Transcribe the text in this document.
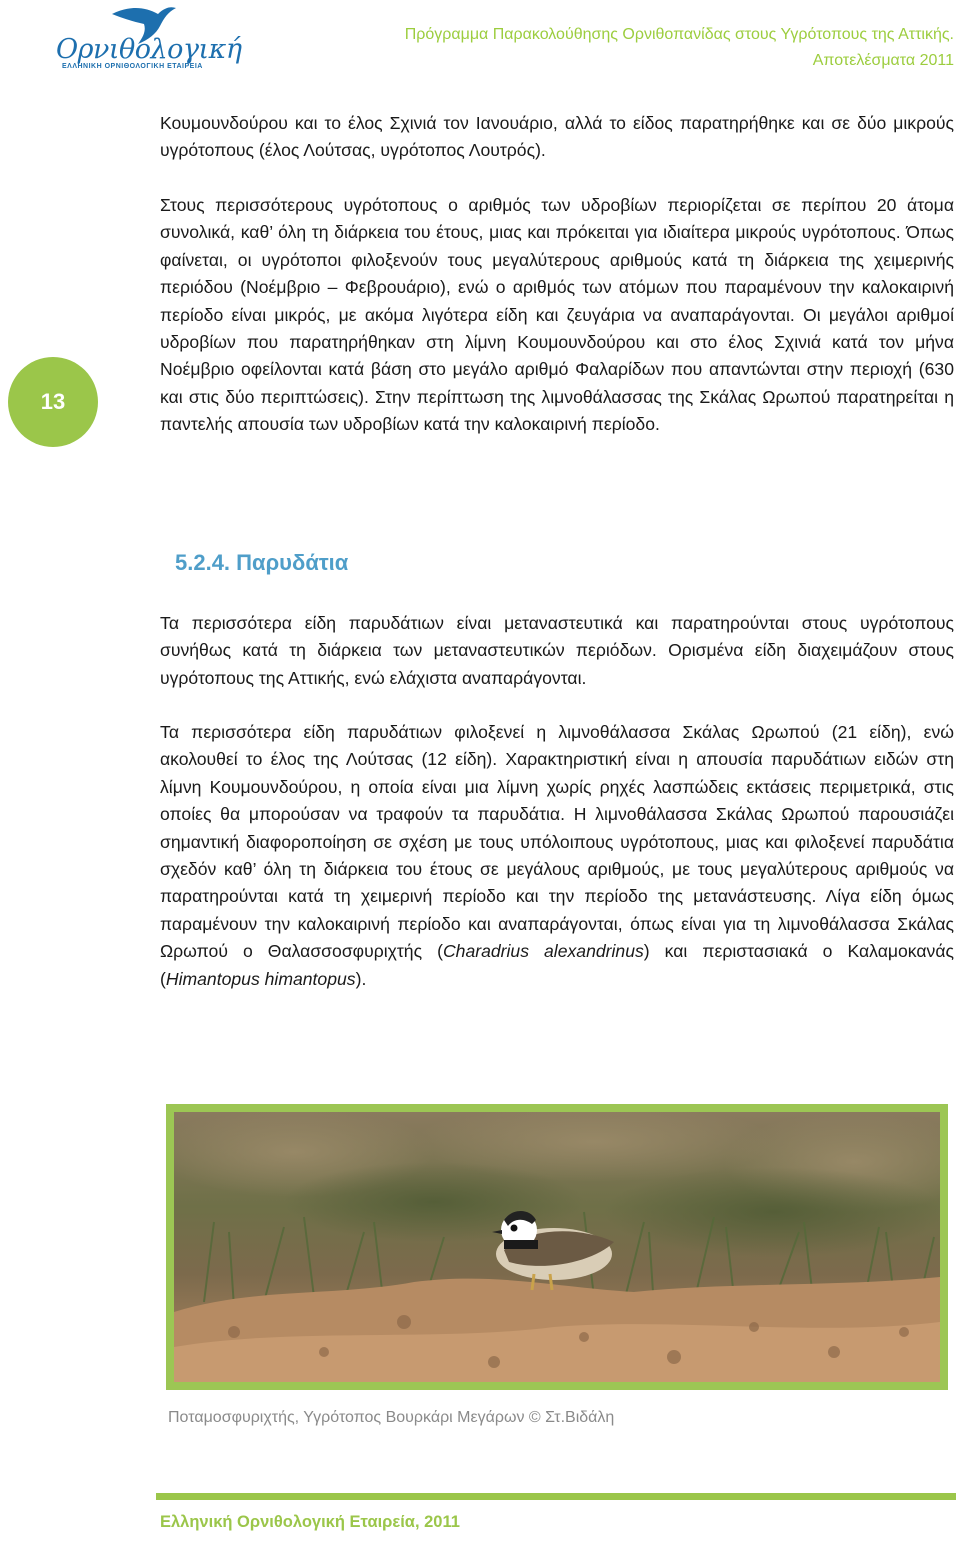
Ορνιθολογική
ΕΛΛΗΝΙΚΗ ΟΡΝΙΘΟΛΟΓΙΚΗ ΕΤΑΙΡΕΙΑ
Πρόγραμμα Παρακολούθησης Ορνιθοπανίδας στους Υγρότοπους της Αττικής.
Αποτελέσματα 2011
13
Κουμουνδούρου και το έλος Σχινιά τον Ιανουάριο, αλλά το είδος παρατηρήθηκε και σε δύο μικρούς υγρότοπους (έλος Λούτσας, υγρότοπος Λουτρός).
Στους περισσότερους υγρότοπους ο αριθμός των υδροβίων περιορίζεται σε περίπου 20 άτομα συνολικά, καθ’ όλη τη διάρκεια του έτους, μιας και πρόκειται για ιδιαίτερα μικρούς υγρότοπους. Όπως φαίνεται, οι υγρότοποι φιλοξενούν τους μεγαλύτερους αριθμούς κατά τη διάρκεια της χειμερινής περιόδου (Νοέμβριο – Φεβρουάριο), ενώ ο αριθμός των ατόμων που παραμένουν την καλοκαιρινή περίοδο είναι μικρός, με ακόμα λιγότερα είδη και ζευγάρια να αναπαράγονται. Οι μεγάλοι αριθμοί υδροβίων που παρατηρήθηκαν στη λίμνη Κουμουνδούρου και στο έλος Σχινιά κατά τον μήνα Νοέμβριο οφείλονται κατά βάση στο μεγάλο αριθμό Φαλαρίδων που απαντώνται στην περιοχή (630 και στις δύο περιπτώσεις). Στην περίπτωση της λιμνοθάλασσας της Σκάλας Ωρωπού παρατηρείται η παντελής απουσία των υδροβίων κατά την καλοκαιρινή περίοδο.
5.2.4. Παρυδάτια
Τα περισσότερα είδη παρυδάτιων είναι μεταναστευτικά και παρατηρούνται στους υγρότοπους συνήθως κατά τη διάρκεια των μεταναστευτικών περιόδων. Ορισμένα είδη διαχειμάζουν στους υγρότοπους της Αττικής, ενώ ελάχιστα αναπαράγονται.
Τα περισσότερα είδη παρυδάτιων φιλοξενεί η λιμνοθάλασσα Σκάλας Ωρωπού (21 είδη), ενώ ακολουθεί το έλος της Λούτσας (12 είδη). Χαρακτηριστική είναι η απουσία παρυδάτιων ειδών στη λίμνη Κουμουνδούρου, η οποία είναι μια λίμνη χωρίς ρηχές λασπώδεις εκτάσεις περιμετρικά, στις οποίες θα μπορούσαν να τραφούν τα παρυδάτια. Η λιμνοθάλασσα Σκάλας Ωρωπού παρουσιάζει σημαντική διαφοροποίηση σε σχέση με τους υπόλοιπους υγρότοπους, μιας και φιλοξενεί παρυδάτια σχεδόν καθ’ όλη τη διάρκεια του έτους σε μεγάλους αριθμούς, με τους μεγαλύτερους αριθμούς να παρατηρούνται κατά τη χειμερινή περίοδο και την περίοδο της μετανάστευσης. Λίγα είδη όμως παραμένουν την καλοκαιρινή περίοδο και αναπαράγονται, όπως είναι για τη λιμνοθάλασσα Σκάλας Ωρωπού ο Θαλασσοσφυριχτής (Charadrius alexandrinus) και περιστασιακά ο Καλαμοκανάς (Himantopus himantopus).
Ποταμοσφυριχτής, Υγρότοπος Βουρκάρι Μεγάρων © Στ.Βιδάλη
Ελληνική Ορνιθολογική Εταιρεία, 2011
